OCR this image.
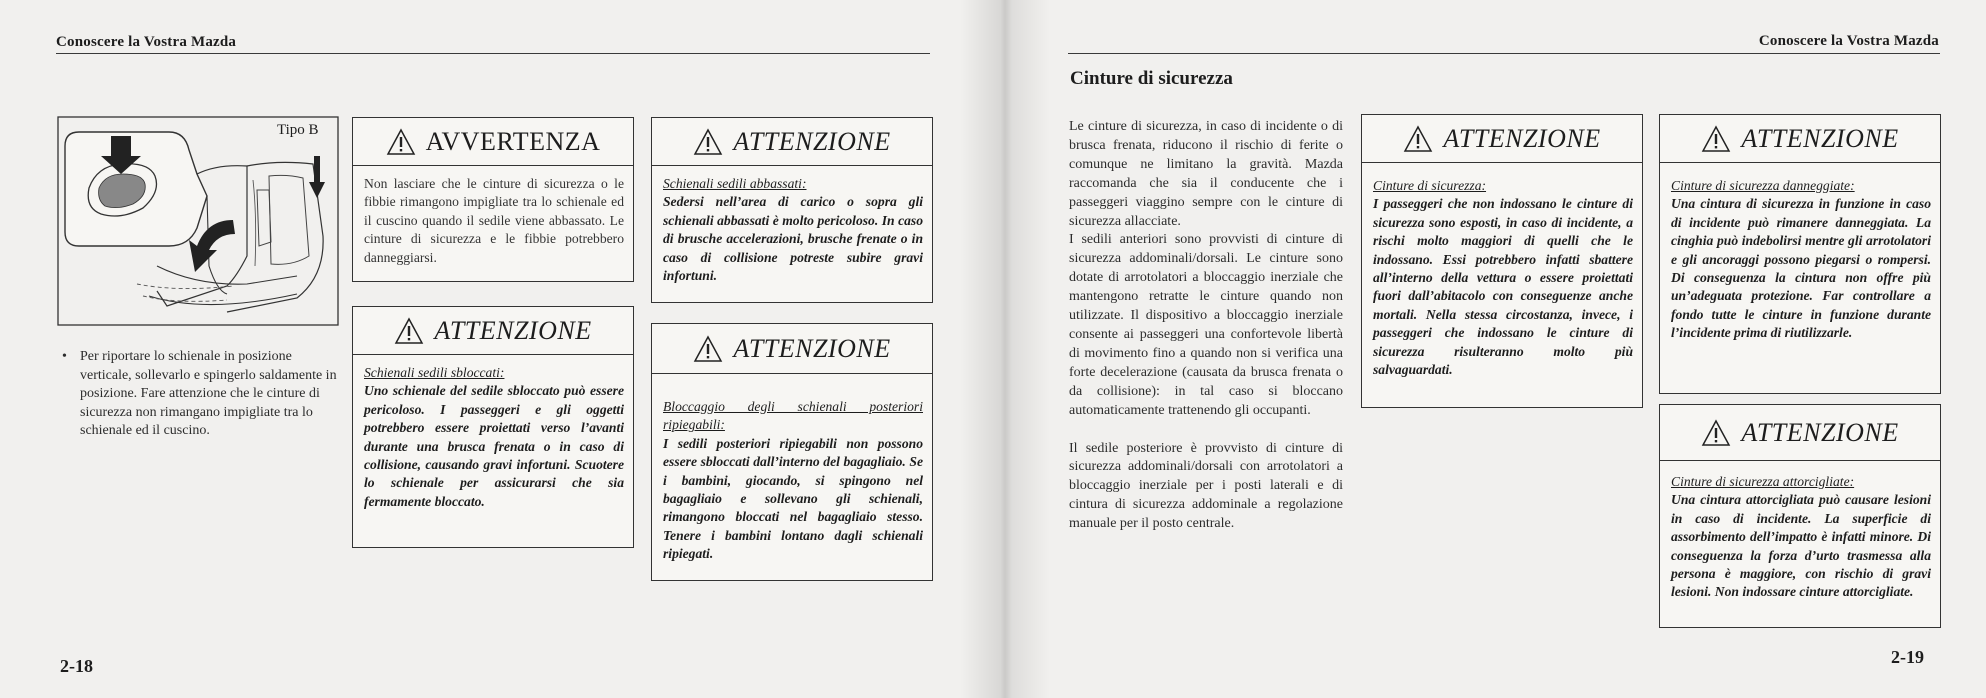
Conoscere la Vostra Mazda
Tipo B
• Per riportare lo schienale in posizione verticale, sollevarlo e spingerlo saldamente in posizione. Fare attenzione che le cinture di sicurezza non rimangano impigliate tra lo schienale ed il cuscino.
AVVERTENZA
Non lasciare che le cinture di sicurezza o le fibbie rimangono impigliate tra lo schienale ed il cuscino quando il sedile viene abbassato. Le cinture di sicurezza e le fibbie potrebbero danneggiarsi.
ATTENZIONE
Schienali sedili sbloccati:
Uno schienale del sedile sbloccato può essere pericoloso. I passeggeri e gli oggetti potrebbero essere proiettati verso l’avanti durante una brusca frenata o in caso di collisione, causando gravi infortuni. Scuotere lo schienale per assicurarsi che sia fermamente bloccato.
ATTENZIONE
Schienali sedili abbassati:
Sedersi nell’area di carico o sopra gli schienali abbassati è molto pericoloso. In caso di brusche accelerazioni, brusche frenate o in caso di collisione potreste subire gravi infortuni.
ATTENZIONE
Bloccaggio degli schienali posteriori ripiegabili:
I sedili posteriori ripiegabili non possono essere sbloccati dall’interno del bagagliaio. Se i bambini, giocando, si spingono nel bagagliaio e sollevano gli schienali, rimangono bloccati nel bagagliaio stesso. Tenere i bambini lontano dagli schienali ripiegati.
2-18
Conoscere la Vostra Mazda
Cinture di sicurezza
Le cinture di sicurezza, in caso di incidente o di brusca frenata, riducono il rischio di ferite o comunque ne limitano la gravità. Mazda raccomanda che sia il conducente che i passeggeri viaggino sempre con le cinture di sicurezza allacciate.
I sedili anteriori sono provvisti di cinture di sicurezza addominali/dorsali. Le cinture sono dotate di arrotolatori a bloccaggio inerziale che mantengono retratte le cinture quando non utilizzate. Il dispositivo a bloccaggio inerziale consente ai passeggeri una confortevole libertà di movimento fino a quando non si verifica una forte decelerazione (causata da brusca frenata o da collisione): in tal caso si bloccano automaticamente trattenendo gli occupanti.
Il sedile posteriore è provvisto di cinture di sicurezza addominali/dorsali con arrotolatori a bloccaggio inerziale per i posti laterali e di cintura di sicurezza addominale a regolazione manuale per il posto centrale.
ATTENZIONE
Cinture di sicurezza:
I passeggeri che non indossano le cinture di sicurezza sono esposti, in caso di incidente, a rischi molto maggiori di quelli che le indossano. Essi potrebbero infatti sbattere all’interno della vettura o essere proiettati fuori dall’abitacolo con conseguenze anche mortali. Nella stessa circostanza, invece, i passeggeri che indossano le cinture di sicurezza risulteranno molto più salvaguardati.
ATTENZIONE
Cinture di sicurezza danneggiate:
Una cintura di sicurezza in funzione in caso di incidente può rimanere danneggiata. La cinghia può indebolirsi mentre gli arrotolatori e gli ancoraggi possono piegarsi o rompersi. Di conseguenza la cintura non offre più un’adeguata protezione. Far controllare a fondo tutte le cinture in funzione durante l’incidente prima di riutilizzarle.
ATTENZIONE
Cinture di sicurezza attorcigliate:
Una cintura attorcigliata può causare lesioni in caso di incidente. La superficie di assorbimento dell’impatto è infatti minore. Di conseguenza la forza d’urto trasmessa alla persona è maggiore, con rischio di gravi lesioni. Non indossare cinture attorcigliate.
2-19
